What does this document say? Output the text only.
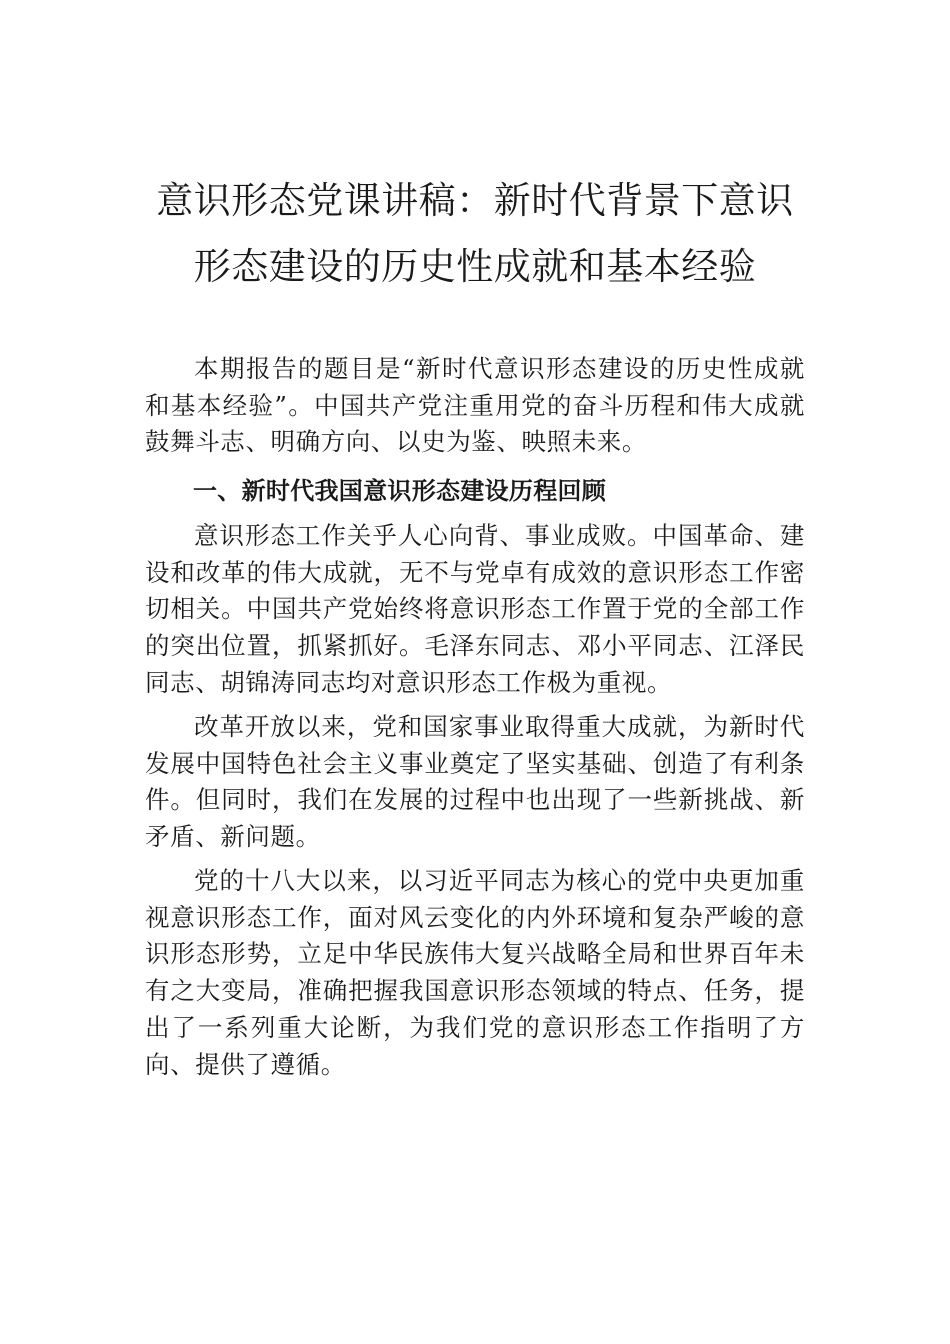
意识形态党课讲稿：新时代背景下意识
形态建设的历史性成就和基本经验

本期报告的题目是“新时代意识形态建设的历史性成就和基本经验”。中国共产党注重用党的奋斗历程和伟大成就 鼓舞斗志、明确方向、以史为鉴、映照未来。

一、新时代我国意识形态建设历程回顾

意识形态工作关乎人心向背、事业成败。中国革命、建设和改革的伟大成就，无不与党卓有成效的意识形态工作密切相关。中国共产党始终将意识形态工作置于党的全部工作的突出位置，抓紧抓好。毛泽东同志、邓小平同志、江泽民同志、胡锦涛同志均对意识形态工作极为重视。

改革开放以来，党和国家事业取得重大成就，为新时代发展中国特色社会主义事业奠定了坚实基础、创造了有利条件。但同时，我们在发展的过程中也出现了一些新挑战、新矛盾、新问题。

党的十八大以来，以习近平同志为核心的党中央更加重视意识形态工作，面对风云变化的内外环境和复杂严峻的意识形态形势，立足中华民族伟大复兴战略全局和世界百年未有之大变局，准确把握我国意识形态领域的特点、任务，提出了一系列重大论断，为我们党的意识形态工作指明了方向、提供了遵循。
